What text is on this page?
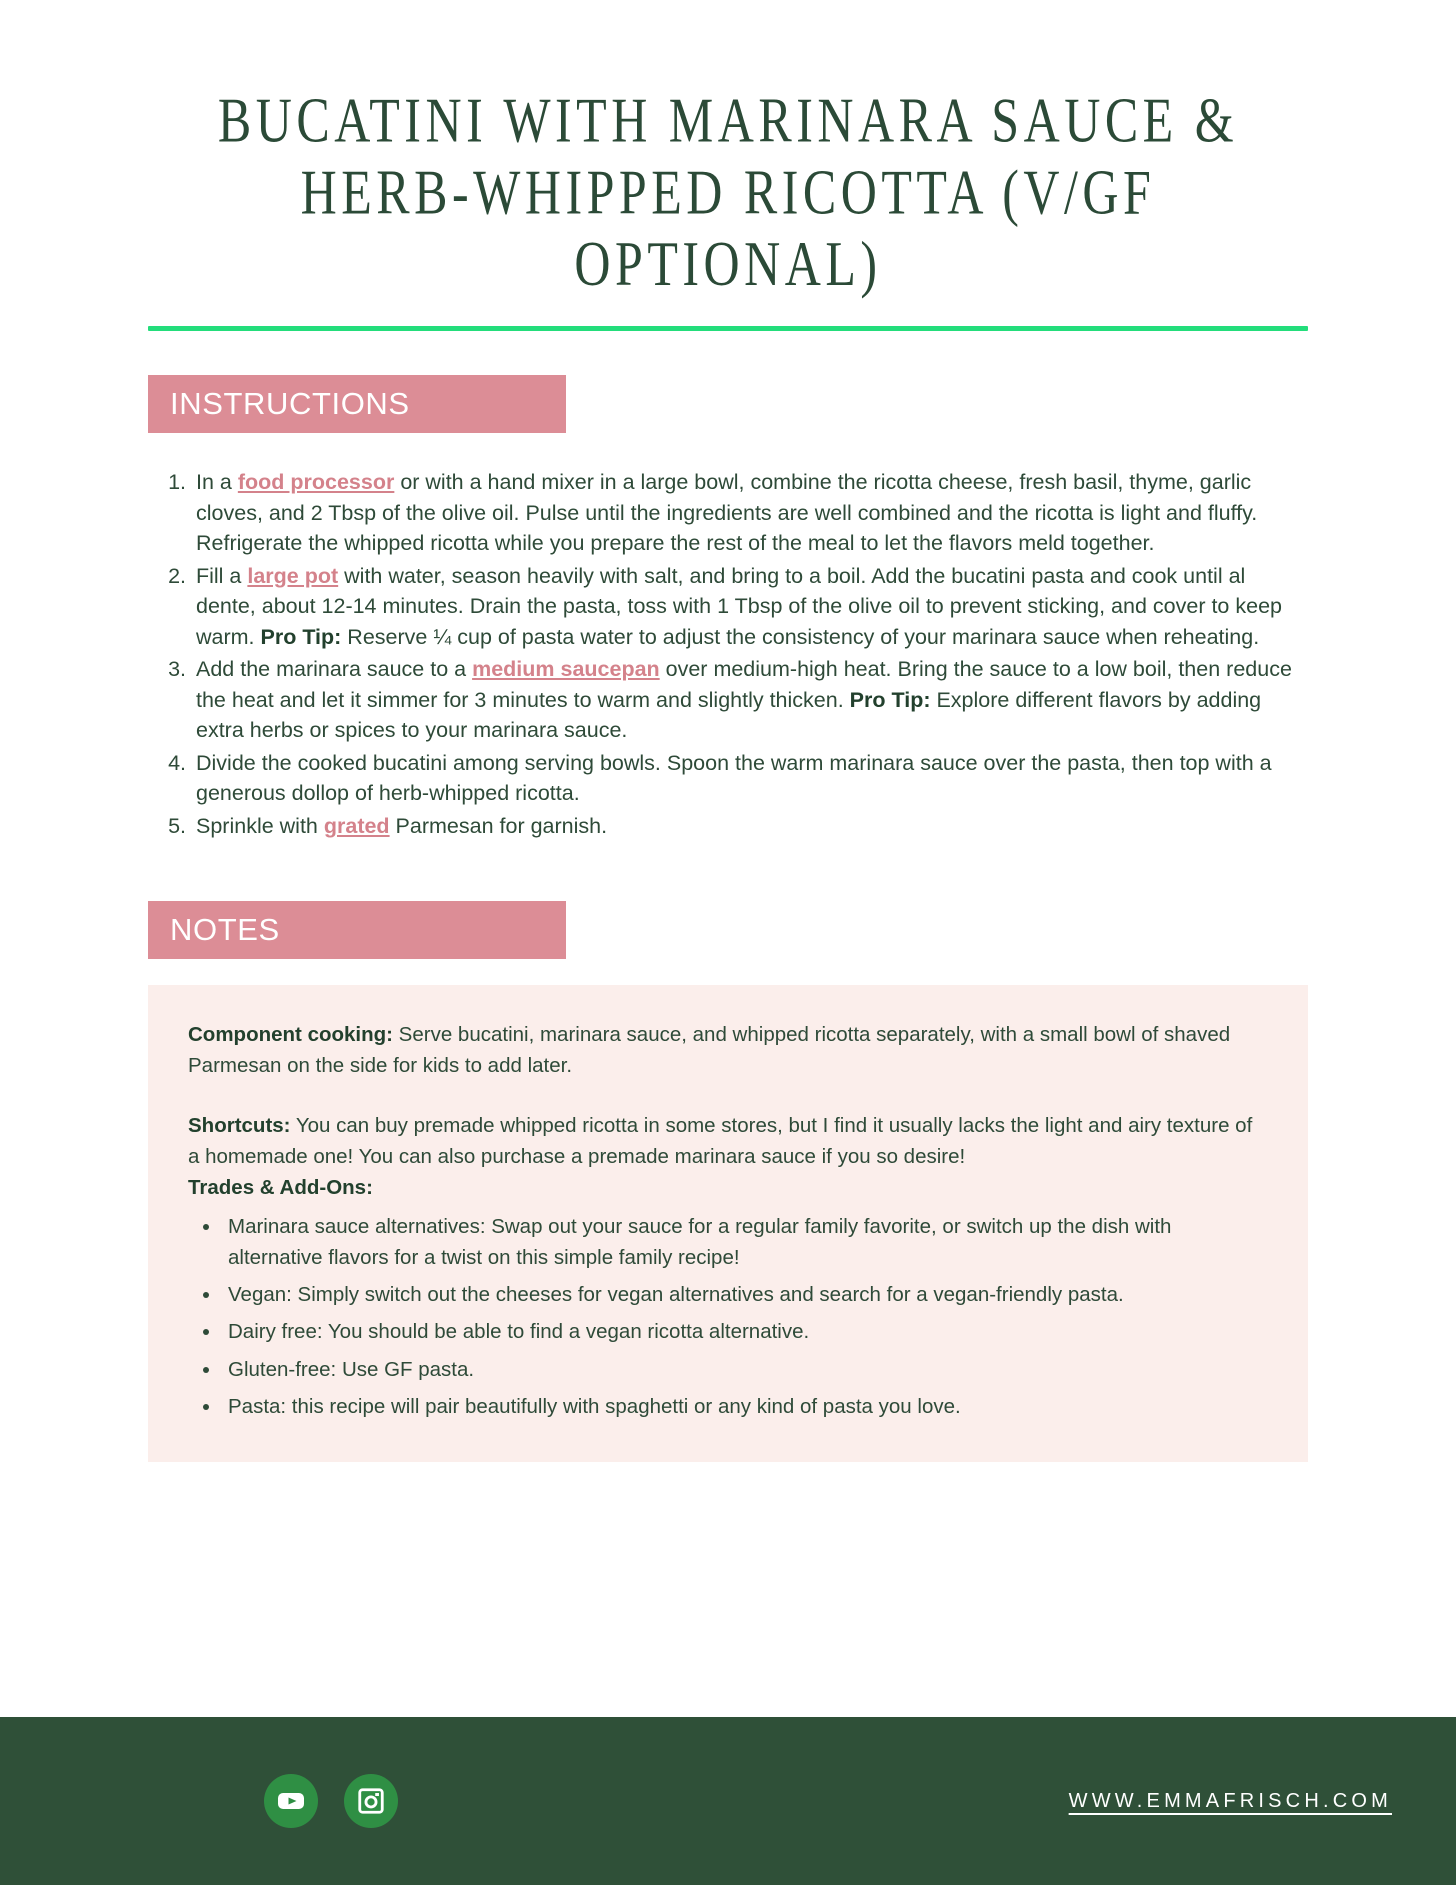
BUCATINI WITH MARINARA SAUCE & HERB-WHIPPED RICOTTA (V/GF OPTIONAL)
INSTRUCTIONS
1. In a food processor or with a hand mixer in a large bowl, combine the ricotta cheese, fresh basil, thyme, garlic cloves, and 2 Tbsp of the olive oil. Pulse until the ingredients are well combined and the ricotta is light and fluffy. Refrigerate the whipped ricotta while you prepare the rest of the meal to let the flavors meld together.
2. Fill a large pot with water, season heavily with salt, and bring to a boil. Add the bucatini pasta and cook until al dente, about 12-14 minutes. Drain the pasta, toss with 1 Tbsp of the olive oil to prevent sticking, and cover to keep warm. Pro Tip: Reserve ¼ cup of pasta water to adjust the consistency of your marinara sauce when reheating.
3. Add the marinara sauce to a medium saucepan over medium-high heat. Bring the sauce to a low boil, then reduce the heat and let it simmer for 3 minutes to warm and slightly thicken. Pro Tip: Explore different flavors by adding extra herbs or spices to your marinara sauce.
4. Divide the cooked bucatini among serving bowls. Spoon the warm marinara sauce over the pasta, then top with a generous dollop of herb-whipped ricotta.
5. Sprinkle with grated Parmesan for garnish.
NOTES
Component cooking: Serve bucatini, marinara sauce, and whipped ricotta separately, with a small bowl of shaved Parmesan on the side for kids to add later.
Shortcuts: You can buy premade whipped ricotta in some stores, but I find it usually lacks the light and airy texture of a homemade one! You can also purchase a premade marinara sauce if you so desire!
Trades & Add-Ons:
• Marinara sauce alternatives: Swap out your sauce for a regular family favorite, or switch up the dish with alternative flavors for a twist on this simple family recipe!
• Vegan: Simply switch out the cheeses for vegan alternatives and search for a vegan-friendly pasta.
• Dairy free: You should be able to find a vegan ricotta alternative.
• Gluten-free: Use GF pasta.
• Pasta: this recipe will pair beautifully with spaghetti or any kind of pasta you love.
WWW.EMMAFRISCH.COM
